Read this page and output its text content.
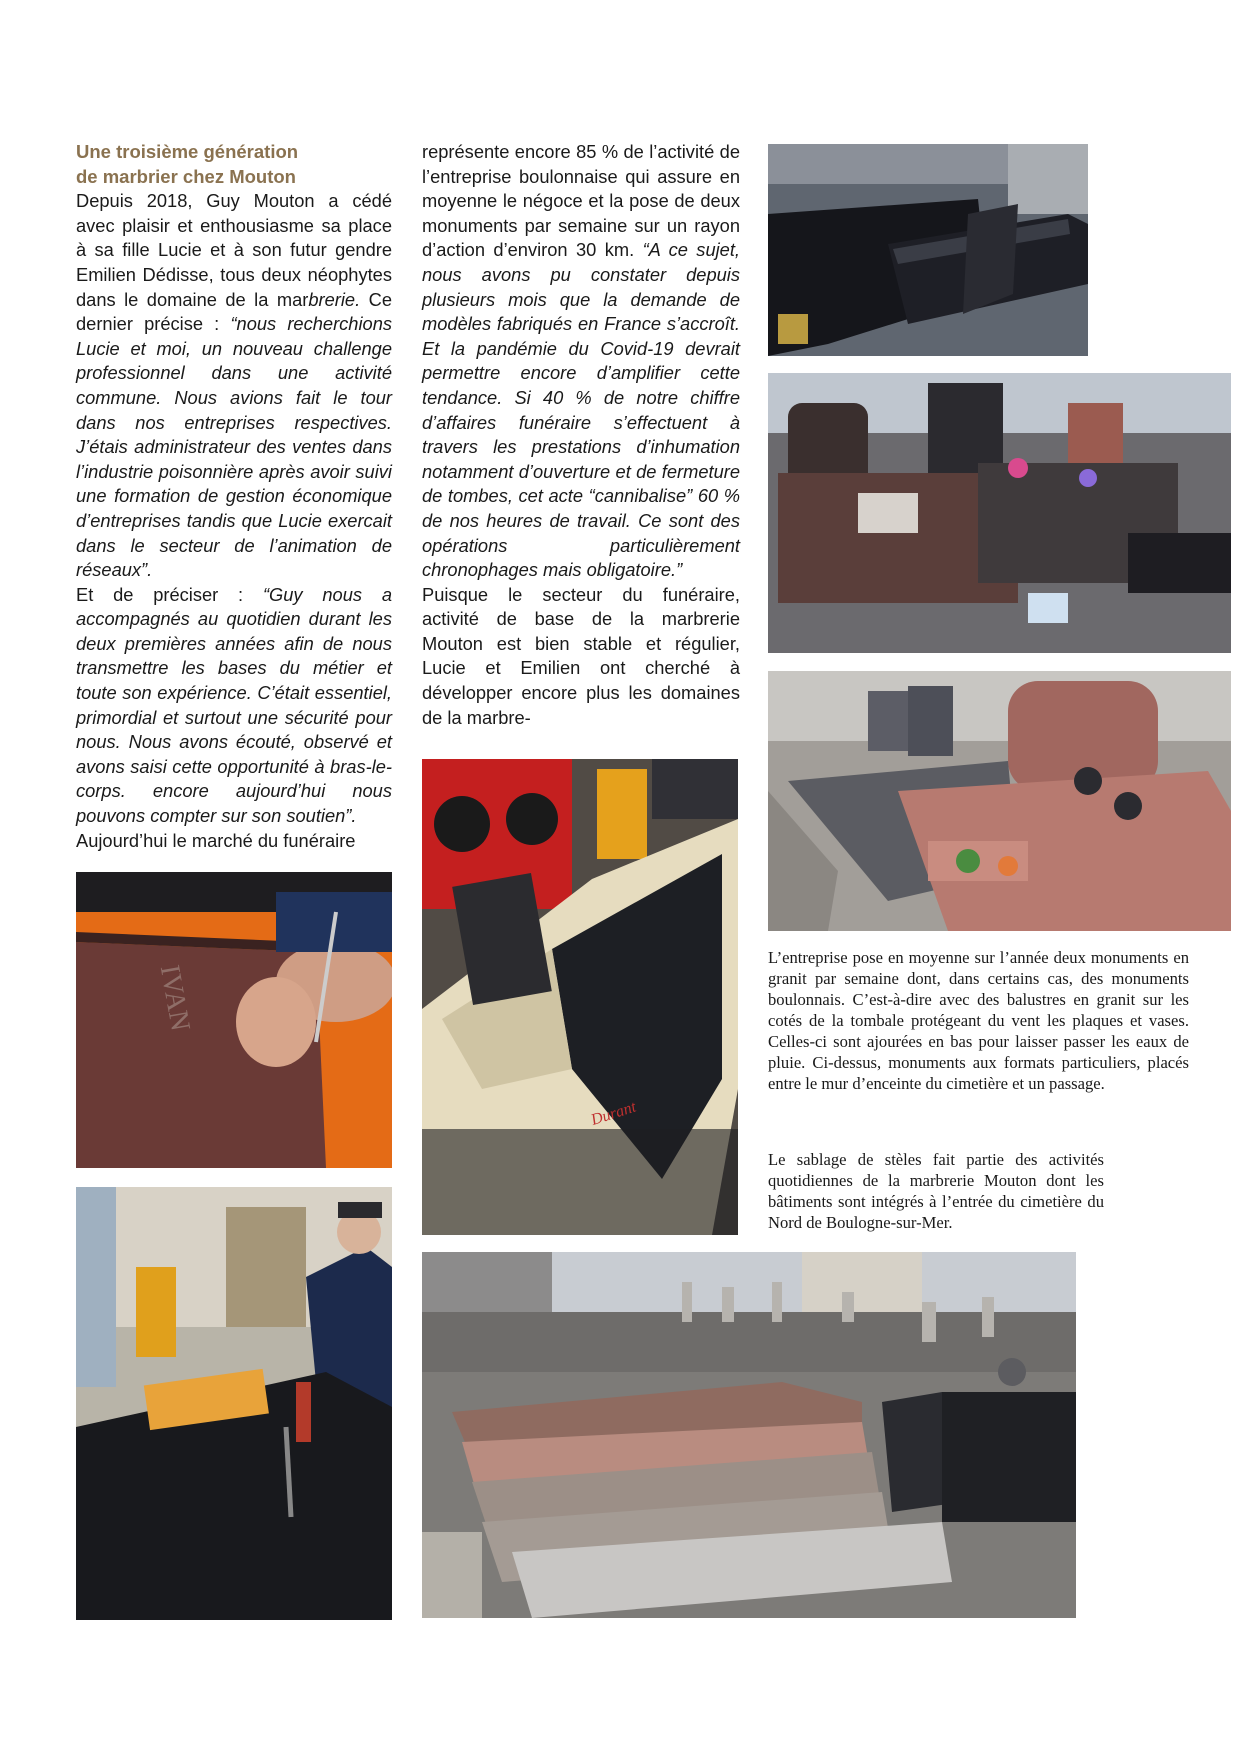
Une troisième génération
de marbrier chez Mouton

Depuis 2018, Guy Mouton a cédé avec plaisir et enthousiasme sa place à sa fille Lucie et à son futur gendre Emilien Dédisse, tous deux néophytes dans le domaine de la marbrerie. Ce dernier précise : “nous recherchions Lucie et moi, un nouveau challenge professionnel dans une activité commune. Nous avions fait le tour dans nos entreprises respectives. J’étais administrateur des ventes dans l’industrie poisonnière après avoir suivi une formation de gestion économique d’entreprises tandis que Lucie exercait dans le secteur de l’animation de réseaux”.

Et de préciser : “Guy nous a accompagnés au quotidien durant les deux premières années afin de nous transmettre les bases du métier et toute son expérience. C’était essentiel, primordial et surtout une sécurité pour nous. Nous avons écouté, observé et avons saisi cette opportunité à bras-le-corps. encore aujourd’hui nous pouvons compter sur son soutien”.

Aujourd’hui le marché du funéraire

représente encore 85 % de l’activité de l’entreprise boulonnaise qui assure en moyenne le négoce et la pose de deux monuments par semaine sur un rayon d’action d’environ 30 km. “A ce sujet, nous avons pu constater depuis plusieurs mois que la demande de modèles fabriqués en France s’accroît. Et la pandémie du Covid-19 devrait permettre encore d’amplifier cette tendance. Si 40 % de notre chiffre d’affaires funéraire s’effectuent à travers les prestations d’inhumation notamment d’ouverture et de fermeture de tombes, cet acte “cannibalise” 60 % de nos heures de travail. Ce sont des opérations particulièrement chronophages mais obligatoire.”

Puisque le secteur du funéraire, activité de base de la marbrerie Mouton est bien stable et régulier, Lucie et Emilien ont cherché à développer encore plus les domaines de la marbre-

IVAN
Durant
L’entreprise pose en moyenne sur l’année deux monuments en granit par semaine dont, dans certains cas, des monuments boulonnais. C’est-à-dire avec des balustres en granit sur les cotés de la tombale protégeant du vent les plaques et vases. Celles-ci sont ajourées en bas pour laisser passer les eaux de pluie. Ci-dessus, monuments aux formats particuliers, placés entre le mur d’enceinte du cimetière et un passage.
Le sablage de stèles fait partie des activités quotidiennes de la marbrerie Mouton dont les bâtiments sont intégrés à l’entrée du cimetière du Nord de Boulogne-sur-Mer.
